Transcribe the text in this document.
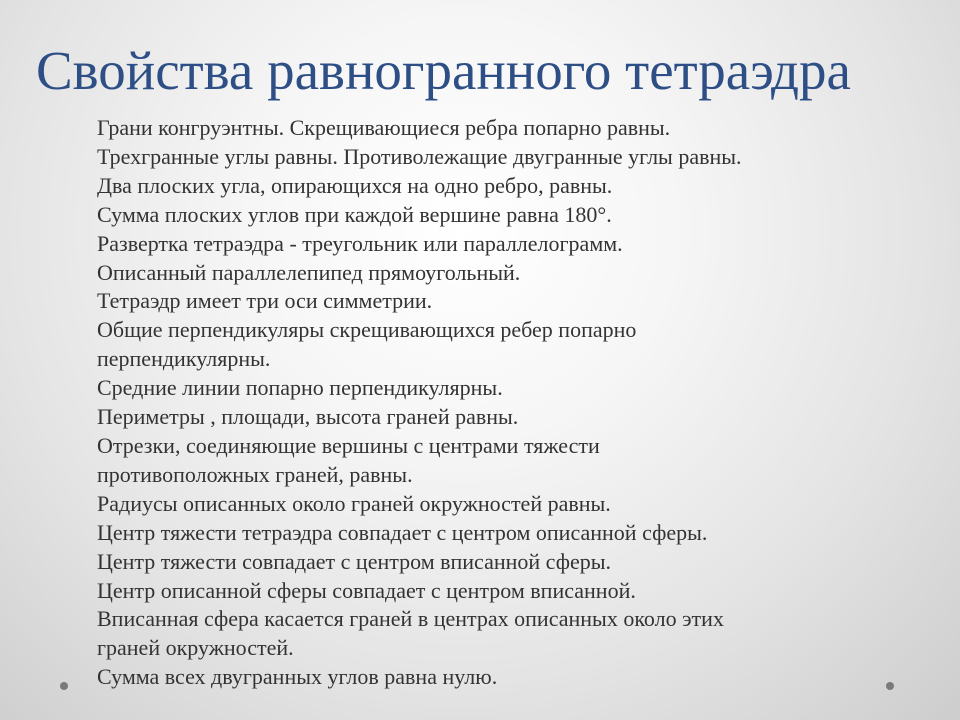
Свойства равногранного тетраэдра
Грани конгруэнтны. Скрещивающиеся ребра попарно равны.
Трехгранные углы равны. Противолежащие двугранные углы равны.
Два плоских угла, опирающихся на одно ребро, равны.
Сумма плоских углов при каждой вершине равна 180°.
Развертка тетраэдра - треугольник или параллелограмм.
Описанный параллелепипед прямоугольный.
Тетраэдр имеет три оси симметрии.
Общие перпендикуляры скрещивающихся ребер попарно
перпендикулярны.
Средние линии попарно перпендикулярны.
Периметры , площади, высота граней равны.
Отрезки, соединяющие вершины с центрами тяжести
противоположных граней, равны.
Радиусы описанных около граней окружностей равны.
Центр тяжести тетраэдра совпадает с центром описанной сферы.
Центр тяжести совпадает с центром вписанной сферы.
Центр описанной сферы совпадает с центром вписанной.
Вписанная сфера касается граней в центрах описанных около этих
граней окружностей.
Сумма всех двугранных углов равна нулю.
